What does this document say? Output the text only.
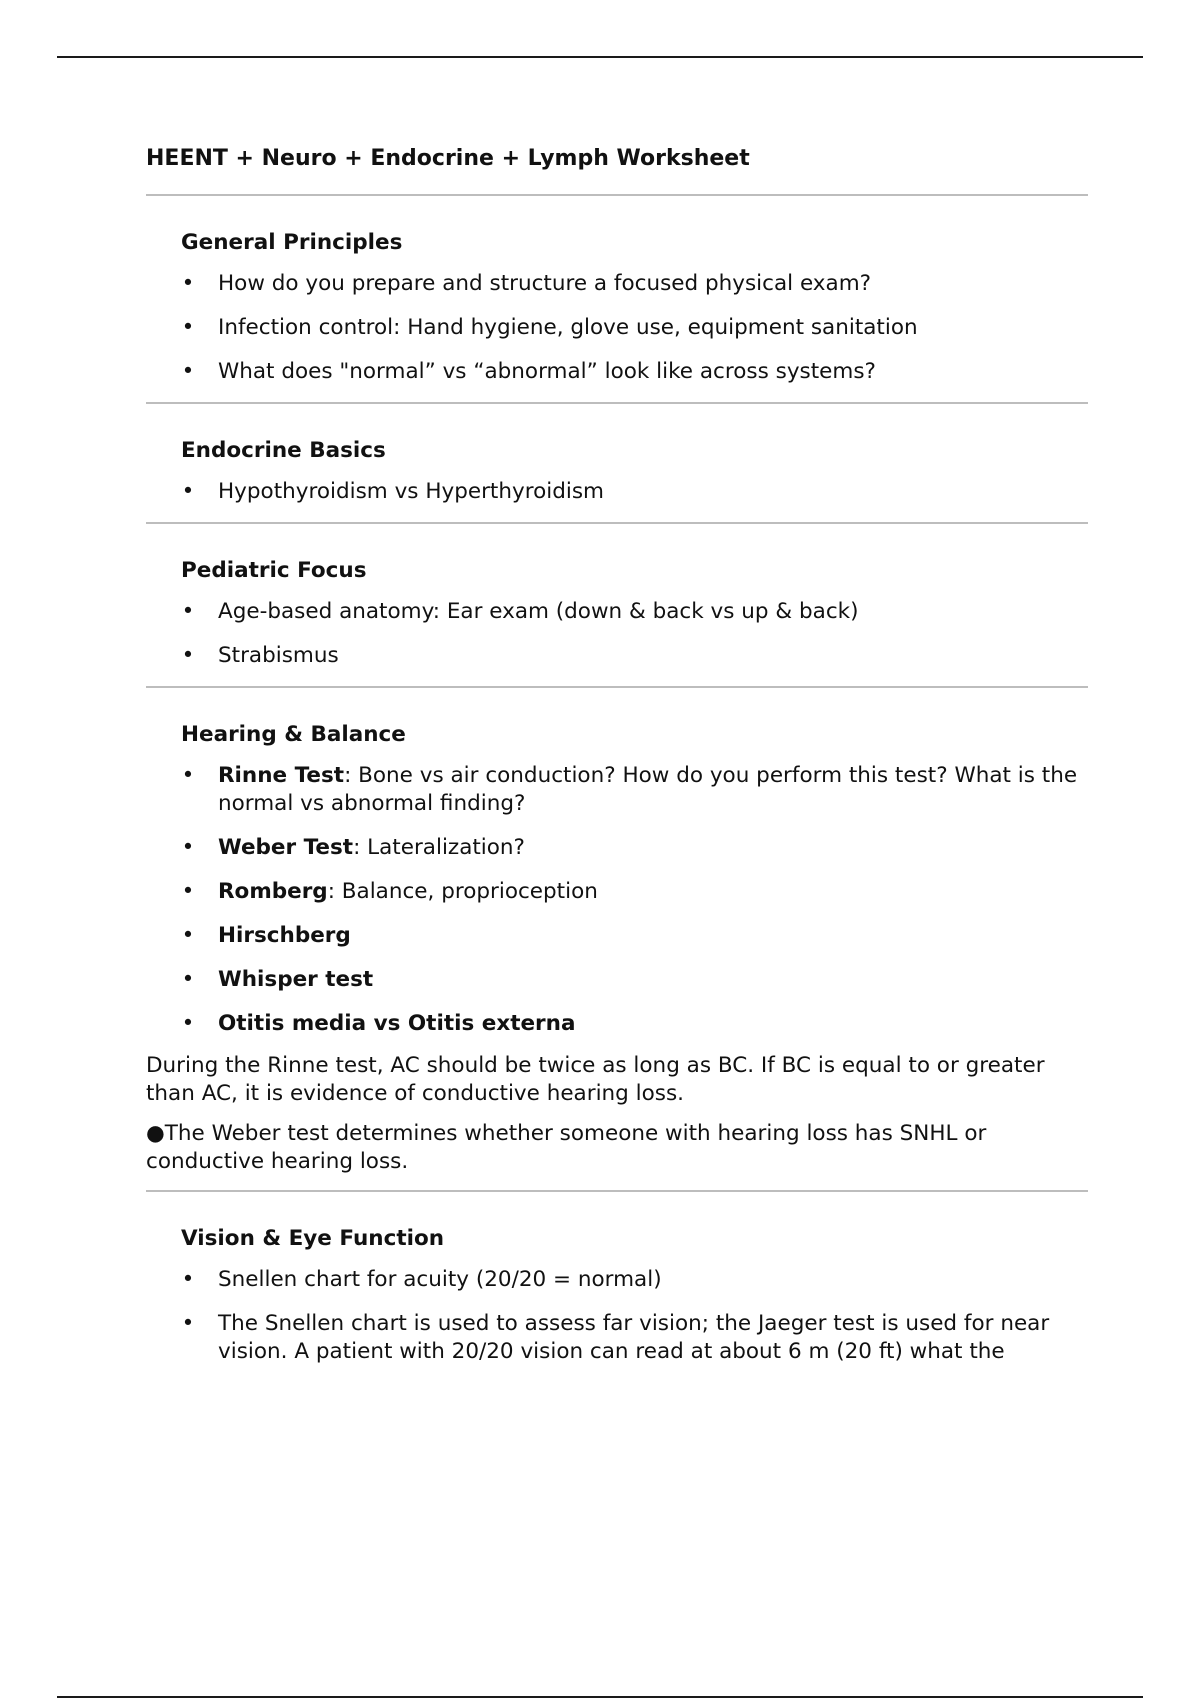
HEENT + Neuro + Endocrine + Lymph Worksheet
General Principles
• How do you prepare and structure a focused physical exam?
• Infection control: Hand hygiene, glove use, equipment sanitation
• What does "normal” vs “abnormal” look like across systems?
Endocrine Basics
• Hypothyroidism vs Hyperthyroidism
Pediatric Focus
• Age-based anatomy: Ear exam (down & back vs up & back)
• Strabismus
Hearing & Balance
• Rinne Test: Bone vs air conduction? How do you perform this test? What is the normal vs abnormal finding?
• Weber Test: Lateralization?
• Romberg: Balance, proprioception
• Hirschberg
• Whisper test
• Otitis media vs Otitis externa

During the Rinne test, AC should be twice as long as BC. If BC is equal to or greater than AC, it is evidence of conductive hearing loss.

●The Weber test determines whether someone with hearing loss has SNHL or conductive hearing loss.

Vision & Eye Function
• Snellen chart for acuity (20/20 = normal)
• The Snellen chart is used to assess far vision; the Jaeger test is used for near vision. A patient with 20/20 vision can read at about 6 m (20 ft) what the
